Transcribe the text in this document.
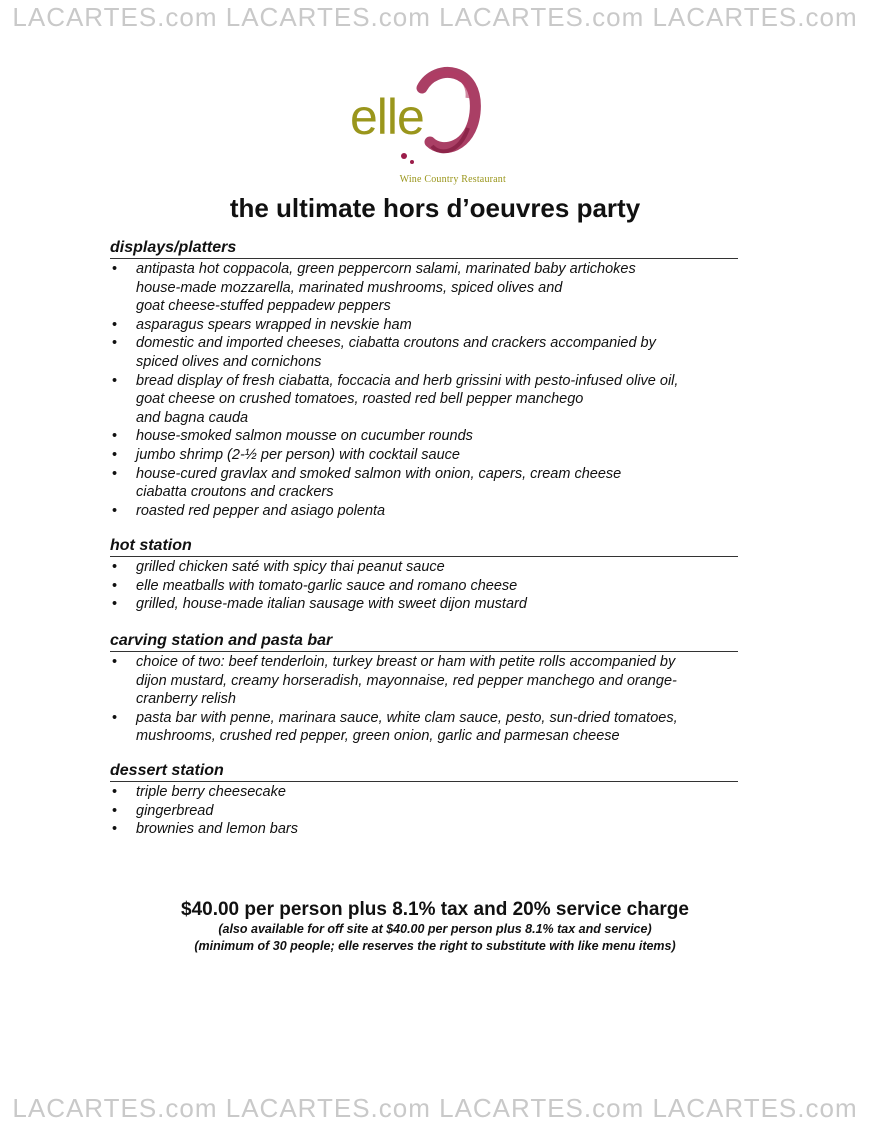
LACARTES.com LACARTES.com LACARTES.com LACARTES.com
elle
Wine Country Restaurant
the ultimate hors d’oeuvres party
displays/platters
• antipasta hot coppacola, green peppercorn salami, marinated baby artichokes
house-made mozzarella, marinated mushrooms, spiced olives and
goat cheese-stuffed peppadew peppers
• asparagus spears wrapped in nevskie ham
• domestic and imported cheeses, ciabatta croutons and crackers accompanied by
spiced olives and cornichons
• bread display of fresh ciabatta, foccacia and herb grissini with pesto-infused olive oil,
goat cheese on crushed tomatoes, roasted red bell pepper manchego
and bagna cauda
• house-smoked salmon mousse on cucumber rounds
• jumbo shrimp (2-½ per person) with cocktail sauce
• house-cured gravlax and smoked salmon with onion, capers, cream cheese
ciabatta croutons and crackers
• roasted red pepper and asiago polenta
hot station
• grilled chicken saté with spicy thai peanut sauce
• elle meatballs with tomato-garlic sauce and romano cheese
• grilled, house-made italian sausage with sweet dijon mustard
carving station and pasta bar
• choice of two: beef tenderloin, turkey breast or ham with petite rolls accompanied by
dijon mustard, creamy horseradish, mayonnaise, red pepper manchego and orange-
cranberry relish
• pasta bar with penne, marinara sauce, white clam sauce, pesto, sun-dried tomatoes,
mushrooms, crushed red pepper, green onion, garlic and parmesan cheese
dessert station
• triple berry cheesecake
• gingerbread
• brownies and lemon bars
$40.00 per person plus 8.1% tax and 20% service charge
(also available for off site at $40.00 per person plus 8.1% tax and service)
(minimum of 30 people; elle reserves the right to substitute with like menu items)
LACARTES.com LACARTES.com LACARTES.com LACARTES.com
